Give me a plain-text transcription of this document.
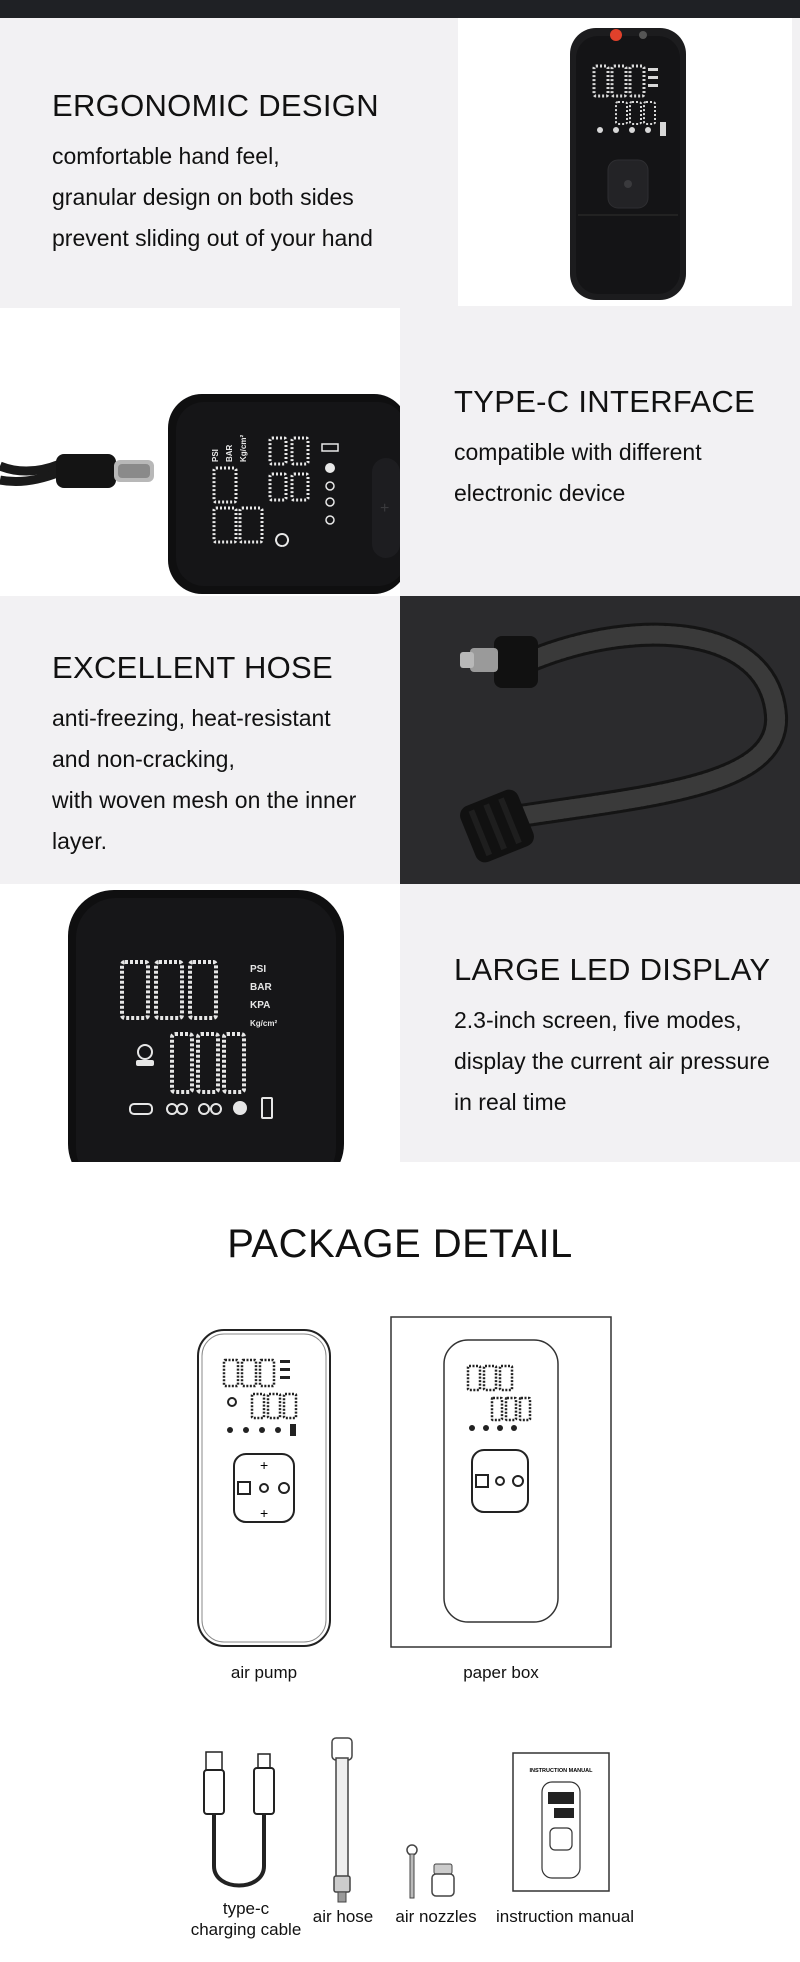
ERGONOMIC DESIGN

comfortable hand feel,

granular design on both sides

prevent sliding out of your hand

PSI BAR Kg/cm²
+
TYPE-C INTERFACE

compatible with different

electronic device

EXCELLENT HOSE

anti-freezing, heat-resistant

and non-cracking,

with woven mesh on the inner

layer.

PSI
BAR
KPA
Kg/cm²
LARGE LED DISPLAY

2.3-inch screen, five modes,

display the current air pressure

in real time

PACKAGE DETAIL
+
+
air pump	paper box
type-c
charging cable
air hose	air nozzles
INSTRUCTION MANUAL
instruction manual
